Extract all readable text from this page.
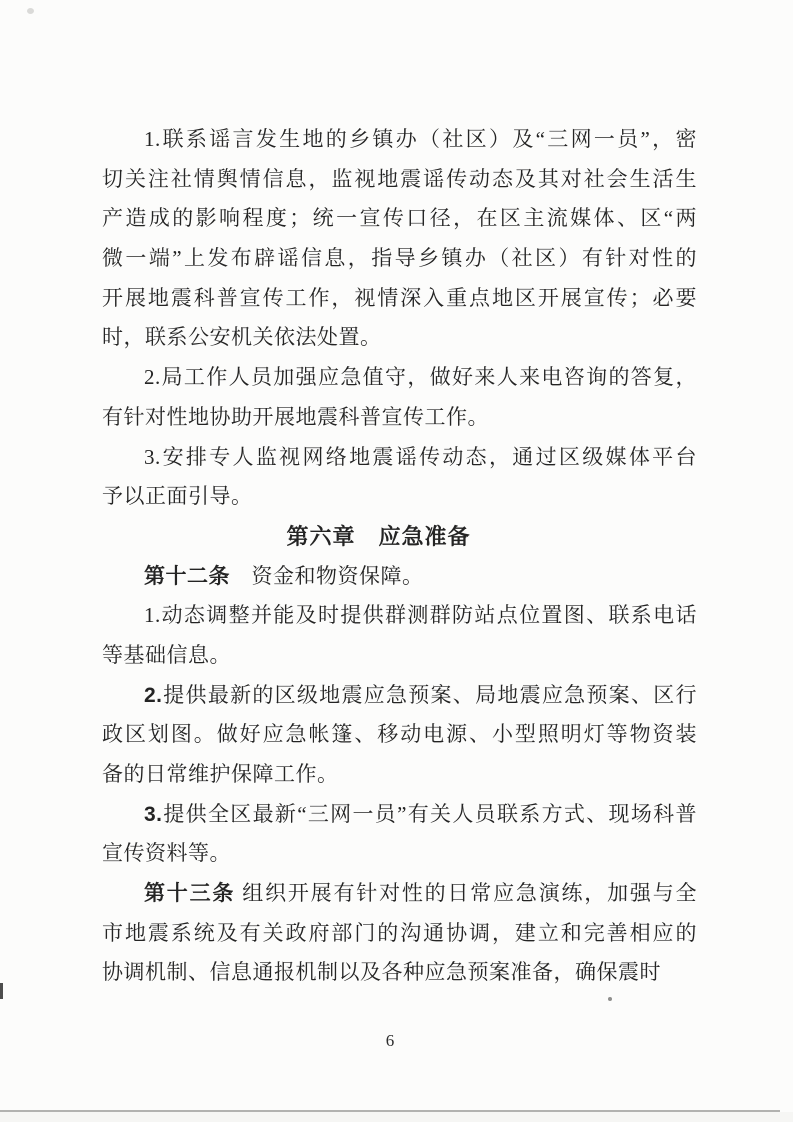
1.联系谣言发生地的乡镇办（社区）及“三网一员”，密
切关注社情舆情信息，监视地震谣传动态及其对社会生活生
产造成的影响程度；统一宣传口径，在区主流媒体、区“两
微一端”上发布辟谣信息，指导乡镇办（社区）有针对性的
开展地震科普宣传工作，视情深入重点地区开展宣传；必要
时，联系公安机关依法处置。
2.局工作人员加强应急值守，做好来人来电咨询的答复，
有针对性地协助开展地震科普宣传工作。
3.安排专人监视网络地震谣传动态，通过区级媒体平台
予以正面引导。
第六章　应急准备
第十二条　资金和物资保障。
1.动态调整并能及时提供群测群防站点位置图、联系电话
等基础信息。
2.提供最新的区级地震应急预案、局地震应急预案、区行
政区划图。做好应急帐篷、移动电源、小型照明灯等物资装
备的日常维护保障工作。
3.提供全区最新“三网一员”有关人员联系方式、现场科普
宣传资料等。
第十三条 组织开展有针对性的日常应急演练，加强与全
市地震系统及有关政府部门的沟通协调，建立和完善相应的
协调机制、信息通报机制以及各种应急预案准备，确保震时
6
